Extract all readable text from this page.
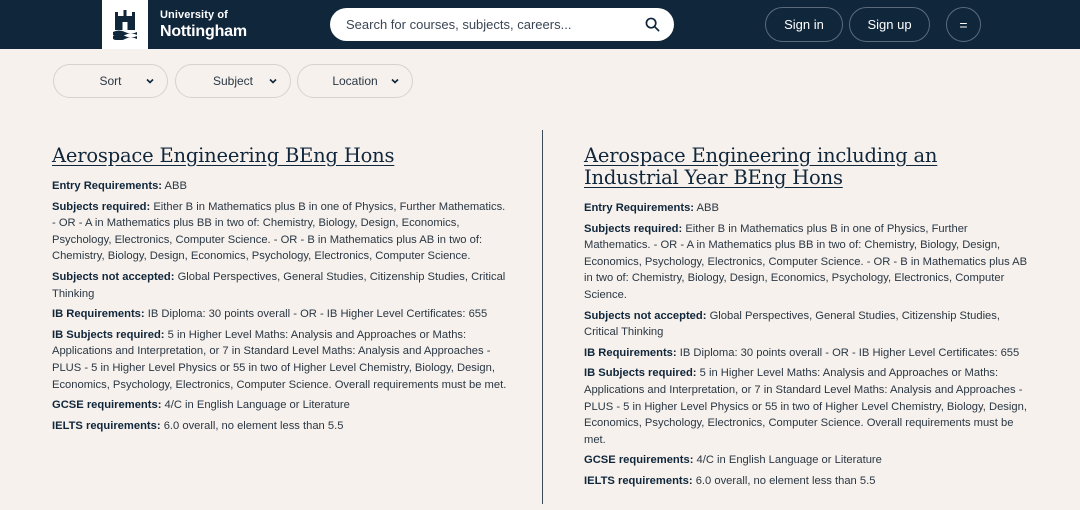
University of
Nottingham
Search for courses, subjects, careers...	Sign in	Sign up	=
Sort	Subject	Location
Aerospace Engineering BEng Hons

Entry Requirements: ABB

Subjects required: Either B in Mathematics plus B in one of Physics, Further Mathematics. - OR - A in Mathematics plus BB in two of: Chemistry, Biology, Design, Economics, Psychology, Electronics, Computer Science. - OR - B in Mathematics plus AB in two of: Chemistry, Biology, Design, Economics, Psychology, Electronics, Computer Science.

Subjects not accepted: Global Perspectives, General Studies, Citizenship Studies, Critical Thinking

IB Requirements: IB Diploma: 30 points overall - OR - IB Higher Level Certificates: 655

IB Subjects required: 5 in Higher Level Maths: Analysis and Approaches or Maths: Applications and Interpretation, or 7 in Standard Level Maths: Analysis and Approaches - PLUS - 5 in Higher Level Physics or 55 in two of Higher Level Chemistry, Biology, Design, Economics, Psychology, Electronics, Computer Science. Overall requirements must be met.

GCSE requirements: 4/C in English Language or Literature

IELTS requirements: 6.0 overall, no element less than 5.5

Aerospace Engineering including an Industrial Year BEng Hons

Entry Requirements: ABB

Subjects required: Either B in Mathematics plus B in one of Physics, Further Mathematics. - OR - A in Mathematics plus BB in two of: Chemistry, Biology, Design, Economics, Psychology, Electronics, Computer Science. - OR - B in Mathematics plus AB in two of: Chemistry, Biology, Design, Economics, Psychology, Electronics, Computer Science.

Subjects not accepted: Global Perspectives, General Studies, Citizenship Studies, Critical Thinking

IB Requirements: IB Diploma: 30 points overall - OR - IB Higher Level Certificates: 655

IB Subjects required: 5 in Higher Level Maths: Analysis and Approaches or Maths: Applications and Interpretation, or 7 in Standard Level Maths: Analysis and Approaches - PLUS - 5 in Higher Level Physics or 55 in two of Higher Level Chemistry, Biology, Design, Economics, Psychology, Electronics, Computer Science. Overall requirements must be met.

GCSE requirements: 4/C in English Language or Literature

IELTS requirements: 6.0 overall, no element less than 5.5
